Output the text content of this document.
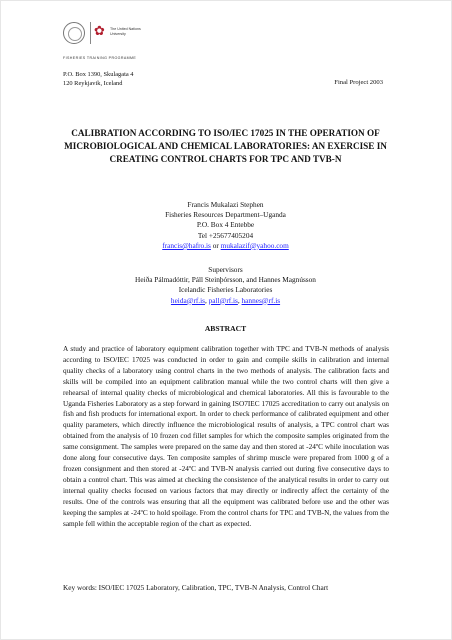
✿ The United Nations
University
FISHERIES TRAINING PROGRAMME
P.O. Box 1390, Skulagata 4
120 Reykjavik, Iceland	Final Project 2003
CALIBRATION ACCORDING TO ISO/IEC 17025 IN THE OPERATION OF MICROBIOLOGICAL AND CHEMICAL LABORATORIES: AN EXERCISE IN CREATING CONTROL CHARTS FOR TPC AND TVB-N
Francis Mukalazi Stephen
Fisheries Resources Department–Uganda
P.O. Box 4 Entebbe
Tel +25677405204
francis@hafro.is or mukalazif@yahoo.com
Supervisors
Heiða Pálmadóttir, Páll Steinþórsson, and Hannes Magnússon
Icelandic Fisheries Laboratories
heida@rf.is, pall@rf.is, hannes@rf.is
ABSTRACT
A study and practice of laboratory equipment calibration together with TPC and TVB-N methods of analysis according to ISO/IEC 17025 was conducted in order to gain and compile skills in calibration and internal quality checks of a laboratory using control charts in the two methods of analysis. The calibration facts and skills will be compiled into an equipment calibration manual while the two control charts will then give a rehearsal of internal quality checks of microbiological and chemical laboratories. All this is favourable to the Uganda Fisheries Laboratory as a step forward in gaining ISO7IEC 17025 accreditation to carry out analysis on fish and fish products for international export. In order to check performance of calibrated equipment and other quality parameters, which directly influence the microbiological results of analysis, a TPC control chart was obtained from the analysis of 10 frozen cod fillet samples for which the composite samples originated from the same consignment. The samples were prepared on the same day and then stored at -24ºC while inoculation was done along four consecutive days. Ten composite samples of shrimp muscle were prepared from 1000 g of a frozen consignment and then stored at -24ºC and TVB-N analysis carried out during five consecutive days to obtain a control chart. This was aimed at checking the consistence of the analytical results in order to carry out internal quality checks focused on various factors that may directly or indirectly affect the certainty of the results. One of the controls was ensuring that all the equipment was calibrated before use and the other was keeping the samples at -24ºC to hold spoilage. From the control charts for TPC and TVB-N, the values from the sample fell within the acceptable region of the chart as expected.
Key words: ISO/IEC 17025 Laboratory, Calibration, TPC, TVB-N Analysis, Control Chart
